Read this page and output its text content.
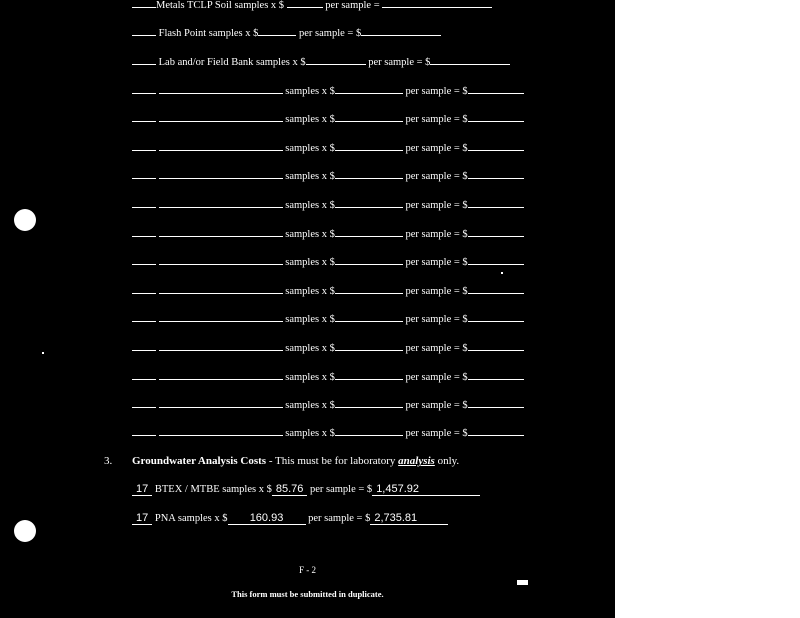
Metals TCLP Soil samples x $	per sample =
Flash Point samples x $	per sample = $
Lab and/or Field Bank samples x $	per sample = $
samples x $	per sample = $
samples x $	per sample = $
samples x $	per sample = $
samples x $	per sample = $
samples x $	per sample = $
samples x $	per sample = $
samples x $	per sample = $
samples x $	per sample = $
samples x $	per sample = $
samples x $	per sample = $
samples x $	per sample = $
samples x $	per sample = $
samples x $	per sample = $
3. Groundwater Analysis Costs - This must be for laboratory analysis only.
17 BTEX / MTBE samples x $ 85.76 per sample = $ 1,457.92
17 PNA samples x $ 160.93 per sample = $ 2,735.81
F - 2
This form must be submitted in duplicate.
